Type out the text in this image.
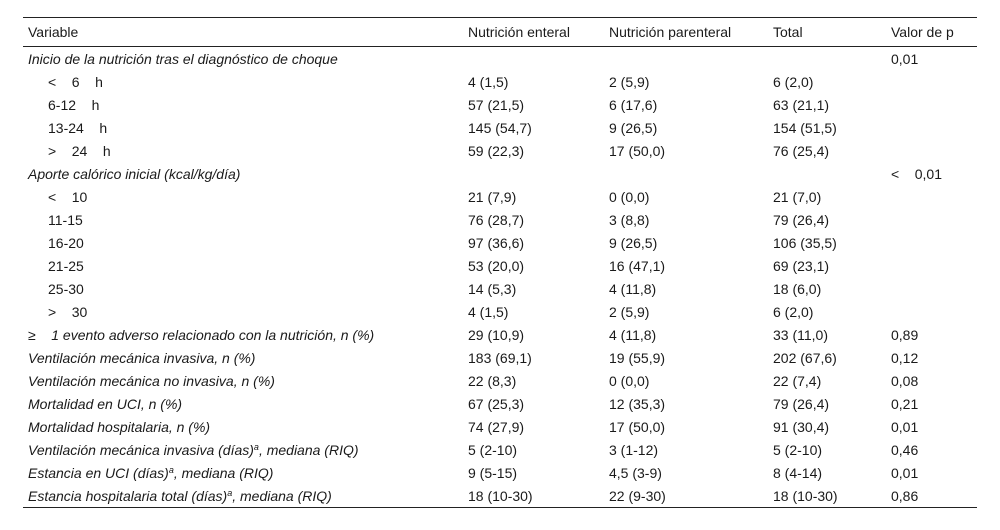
Variable	Nutrición enteral	Nutrición parenteral	Total	Valor de p
Inicio de la nutrición tras el diagnóstico de choque				0,01
<    6    h	4 (1,5)	2 (5,9)	6 (2,0)	
6-12    h	57 (21,5)	6 (17,6)	63 (21,1)	
13-24    h	145 (54,7)	9 (26,5)	154 (51,5)	
>    24    h	59 (22,3)	17 (50,0)	76 (25,4)	
Aporte calórico inicial (kcal/kg/día)				<    0,01
<    10	21 (7,9)	0 (0,0)	21 (7,0)	
11-15	76 (28,7)	3 (8,8)	79 (26,4)	
16-20	97 (36,6)	9 (26,5)	106 (35,5)	
21-25	53 (20,0)	16 (47,1)	69 (23,1)	
25-30	14 (5,3)	4 (11,8)	18 (6,0)	
>    30	4 (1,5)	2 (5,9)	6 (2,0)	
≥    1 evento adverso relacionado con la nutrición, n (%)	29 (10,9)	4 (11,8)	33 (11,0)	0,89
Ventilación mecánica invasiva, n (%)	183 (69,1)	19 (55,9)	202 (67,6)	0,12
Ventilación mecánica no invasiva, n (%)	22 (8,3)	0 (0,0)	22 (7,4)	0,08
Mortalidad en UCI, n (%)	67 (25,3)	12 (35,3)	79 (26,4)	0,21
Mortalidad hospitalaria, n (%)	74 (27,9)	17 (50,0)	91 (30,4)	0,01
Ventilación mecánica invasiva (días)$^a$, mediana (RIQ)	5 (2-10)	3 (1-12)	5 (2-10)	0,46
Estancia en UCI (días)$^a$, mediana (RIQ)	9 (5-15)	4,5 (3-9)	8 (4-14)	0,01
Estancia hospitalaria total (días)$^a$, mediana (RIQ)	18 (10-30)	22 (9-30)	18 (10-30)	0,86
